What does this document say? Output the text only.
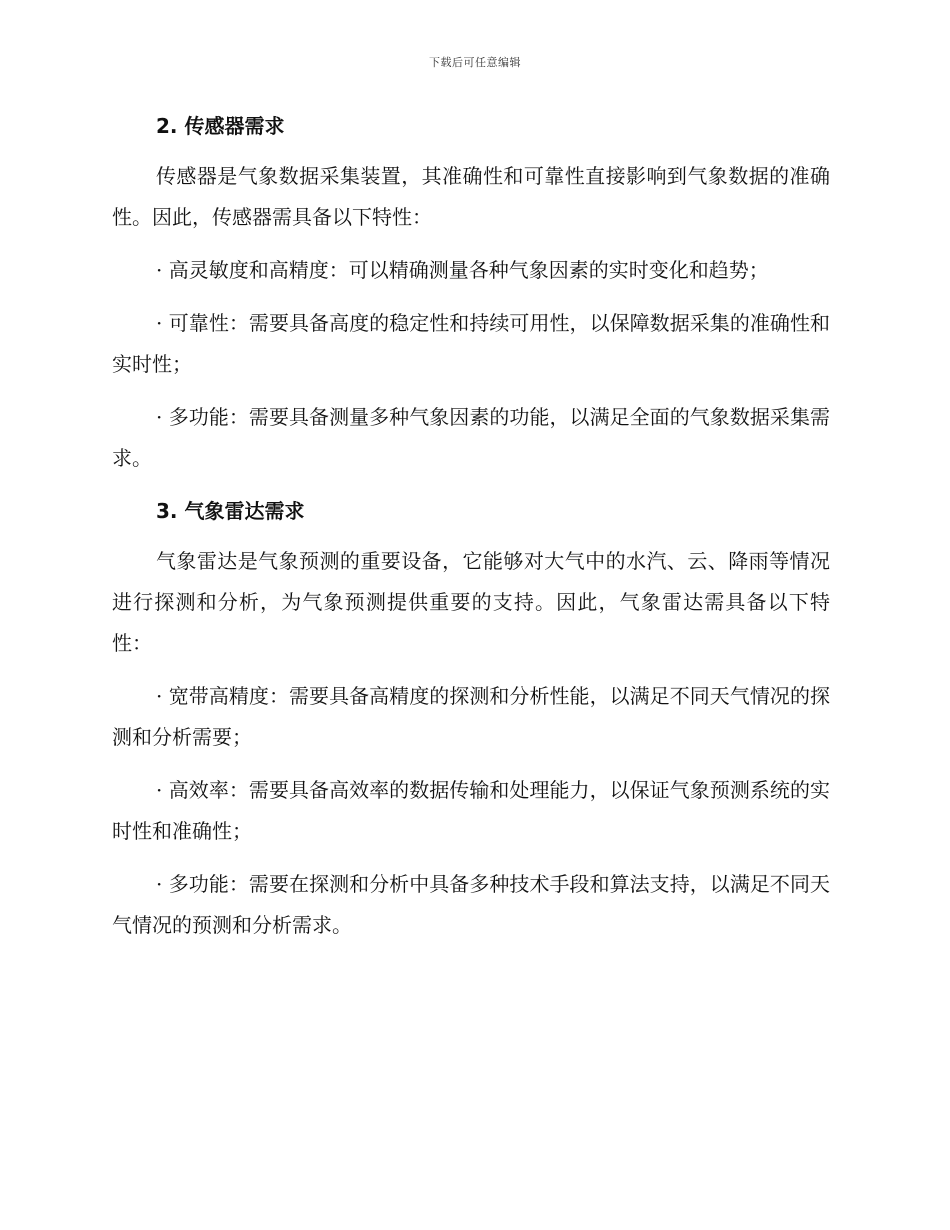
下载后可任意编辑
2. 传感器需求

传感器是气象数据采集装置，其准确性和可靠性直接影响到气象数据的准确性。因此，传感器需具备以下特性：

· 高灵敏度和高精度：可以精确测量各种气象因素的实时变化和趋势；

· 可靠性：需要具备高度的稳定性和持续可用性，以保障数据采集的准确性和实时性；

· 多功能：需要具备测量多种气象因素的功能，以满足全面的气象数据采集需求。

3. 气象雷达需求

气象雷达是气象预测的重要设备，它能够对大气中的水汽、云、降雨等情况进行探测和分析，为气象预测提供重要的支持。因此，气象雷达需具备以下特性：

· 宽带高精度：需要具备高精度的探测和分析性能，以满足不同天气情况的探测和分析需要；

· 高效率：需要具备高效率的数据传输和处理能力，以保证气象预测系统的实时性和准确性；

· 多功能：需要在探测和分析中具备多种技术手段和算法支持，以满足不同天气情况的预测和分析需求。
